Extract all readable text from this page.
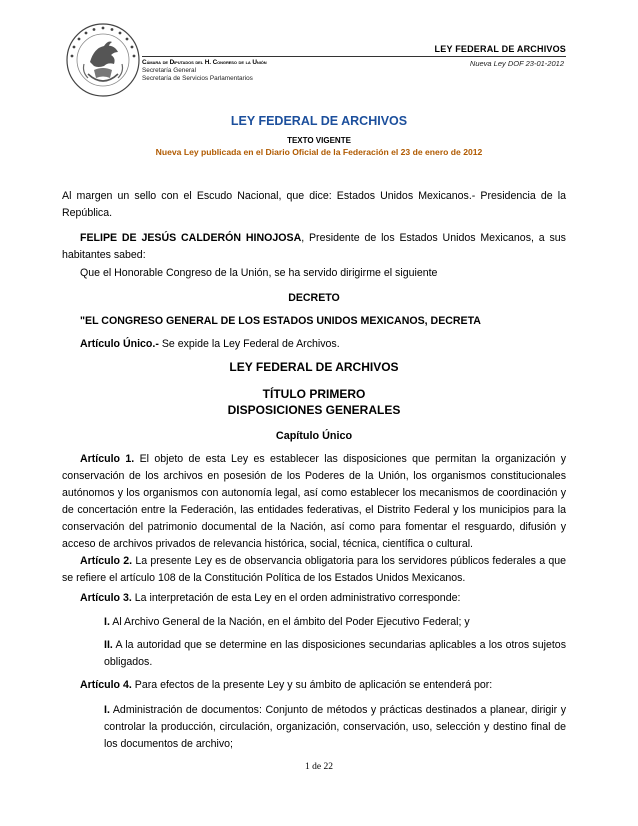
LEY FEDERAL DE ARCHIVOS
Nueva Ley DOF 23-01-2012
Cámara de Diputados del H. Congreso de la Unión
Secretaría General
Secretaría de Servicios Parlamentarios
LEY FEDERAL DE ARCHIVOS
TEXTO VIGENTE
Nueva Ley publicada en el Diario Oficial de la Federación el 23 de enero de 2012
Al margen un sello con el Escudo Nacional, que dice: Estados Unidos Mexicanos.- Presidencia de la República.
FELIPE DE JESÚS CALDERÓN HINOJOSA, Presidente de los Estados Unidos Mexicanos, a sus habitantes sabed:
Que el Honorable Congreso de la Unión, se ha servido dirigirme el siguiente
DECRETO
"EL CONGRESO GENERAL DE LOS ESTADOS UNIDOS MEXICANOS, DECRETA
Artículo Único.- Se expide la Ley Federal de Archivos.
LEY FEDERAL DE ARCHIVOS
TÍTULO PRIMERO
DISPOSICIONES GENERALES
Capítulo Único
Artículo 1. El objeto de esta Ley es establecer las disposiciones que permitan la organización y conservación de los archivos en posesión de los Poderes de la Unión, los organismos constitucionales autónomos y los organismos con autonomía legal, así como establecer los mecanismos de coordinación y de concertación entre la Federación, las entidades federativas, el Distrito Federal y los municipios para la conservación del patrimonio documental de la Nación, así como para fomentar el resguardo, difusión y acceso de archivos privados de relevancia histórica, social, técnica, científica o cultural.
Artículo 2. La presente Ley es de observancia obligatoria para los servidores públicos federales a que se refiere el artículo 108 de la Constitución Política de los Estados Unidos Mexicanos.
Artículo 3. La interpretación de esta Ley en el orden administrativo corresponde:
I. Al Archivo General de la Nación, en el ámbito del Poder Ejecutivo Federal; y
II. A la autoridad que se determine en las disposiciones secundarias aplicables a los otros sujetos obligados.
Artículo 4. Para efectos de la presente Ley y su ámbito de aplicación se entenderá por:
I. Administración de documentos: Conjunto de métodos y prácticas destinados a planear, dirigir y controlar la producción, circulación, organización, conservación, uso, selección y destino final de los documentos de archivo;
1 de 22
